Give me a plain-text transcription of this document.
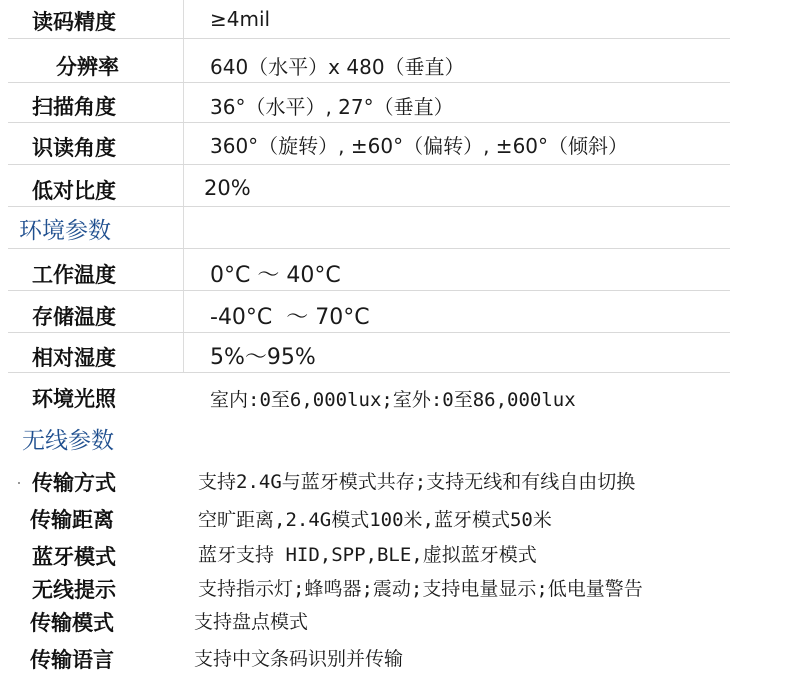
读码精度	≥4mil
分辨率	640（水平）x 480（垂直）
扫描角度	36°（水平）, 27°（垂直）
识读角度	360°（旋转）, ±60°（偏转）, ±60°（倾斜）
低对比度	20%
环境参数
工作温度	0°C ～ 40°C
存储温度	-40°C  ～ 70°C
相对湿度	5%～95%
环境光照	室内:0至6,000lux;室外:0至86,000lux
无线参数
传输方式	支持2.4G与蓝牙模式共存;支持无线和有线自由切换
传输距离	空旷距离,2.4G模式100米,蓝牙模式50米
蓝牙模式	蓝牙支持 HID,SPP,BLE,虚拟蓝牙模式
无线提示	支持指示灯;蜂鸣器;震动;支持电量显示;低电量警告
传输模式	支持盘点模式
传输语言	支持中文条码识别并传输
